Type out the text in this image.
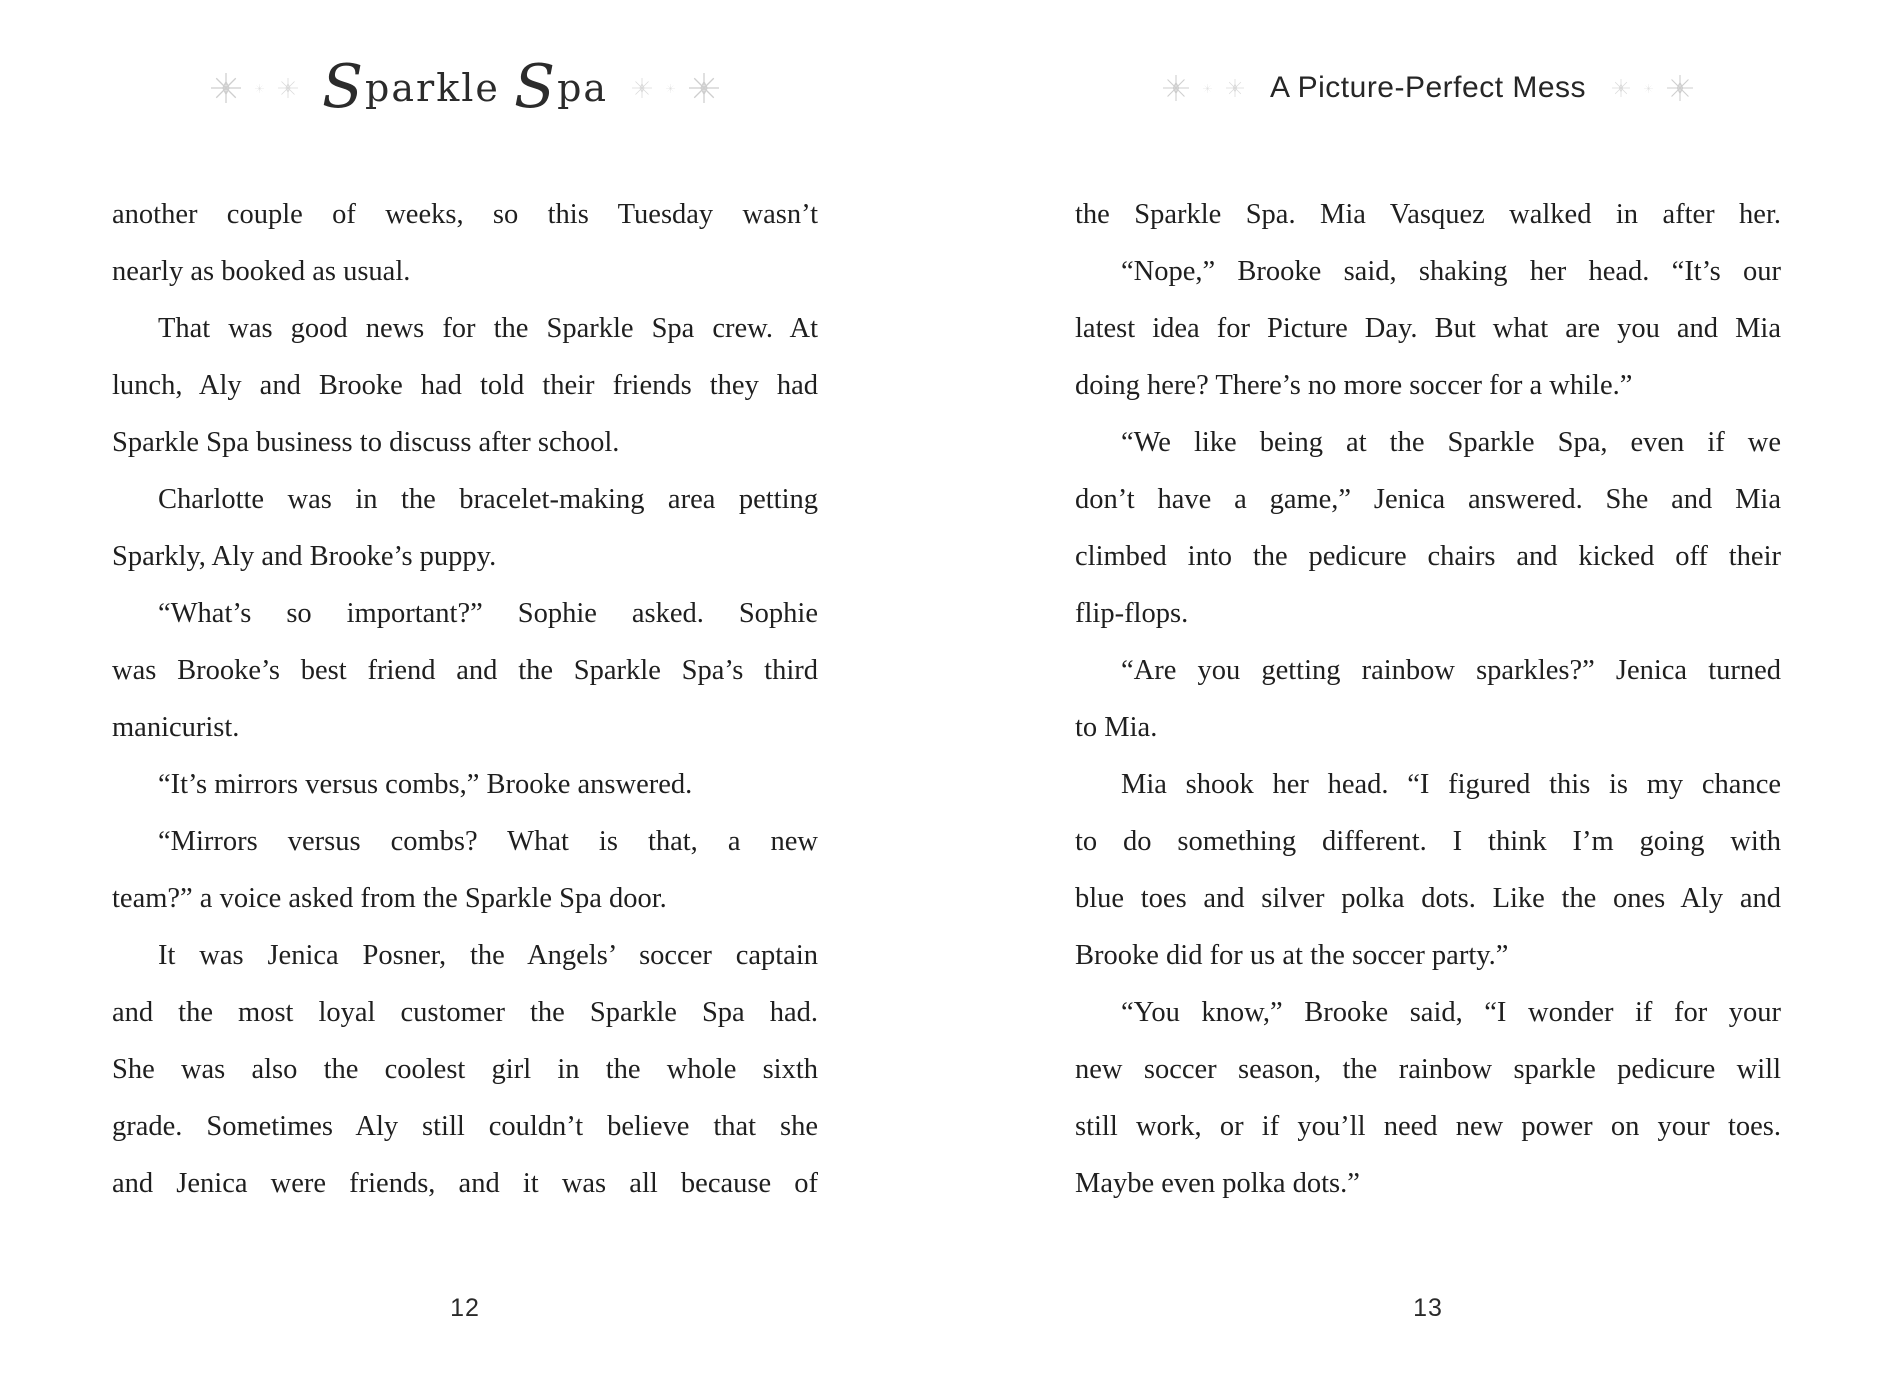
Sparkle Spa
another couple of weeks, so this Tuesday wasn’t
nearly as booked as usual.
That was good news for the Sparkle Spa crew. At
lunch, Aly and Brooke had told their friends they had
Sparkle Spa business to discuss after school.
Charlotte was in the bracelet-making area petting
Sparkly, Aly and Brooke’s puppy.
“What’s so important?” Sophie asked. Sophie
was Brooke’s best friend and the Sparkle Spa’s third
manicurist.
“It’s mirrors versus combs,” Brooke answered.
“Mirrors versus combs? What is that, a new
team?” a voice asked from the Sparkle Spa door.
It was Jenica Posner, the Angels’ soccer captain
and the most loyal customer the Sparkle Spa had.
She was also the coolest girl in the whole sixth
grade. Sometimes Aly still couldn’t believe that she
and Jenica were friends, and it was all because of
12
A Picture-Perfect Mess
the Sparkle Spa. Mia Vasquez walked in after her.
“Nope,” Brooke said, shaking her head. “It’s our
latest idea for Picture Day. But what are you and Mia
doing here? There’s no more soccer for a while.”
“We like being at the Sparkle Spa, even if we
don’t have a game,” Jenica answered. She and Mia
climbed into the pedicure chairs and kicked off their
flip-flops.
“Are you getting rainbow sparkles?” Jenica turned
to Mia.
Mia shook her head. “I figured this is my chance
to do something different. I think I’m going with
blue toes and silver polka dots. Like the ones Aly and
Brooke did for us at the soccer party.”
“You know,” Brooke said, “I wonder if for your
new soccer season, the rainbow sparkle pedicure will
still work, or if you’ll need new power on your toes.
Maybe even polka dots.”
13
